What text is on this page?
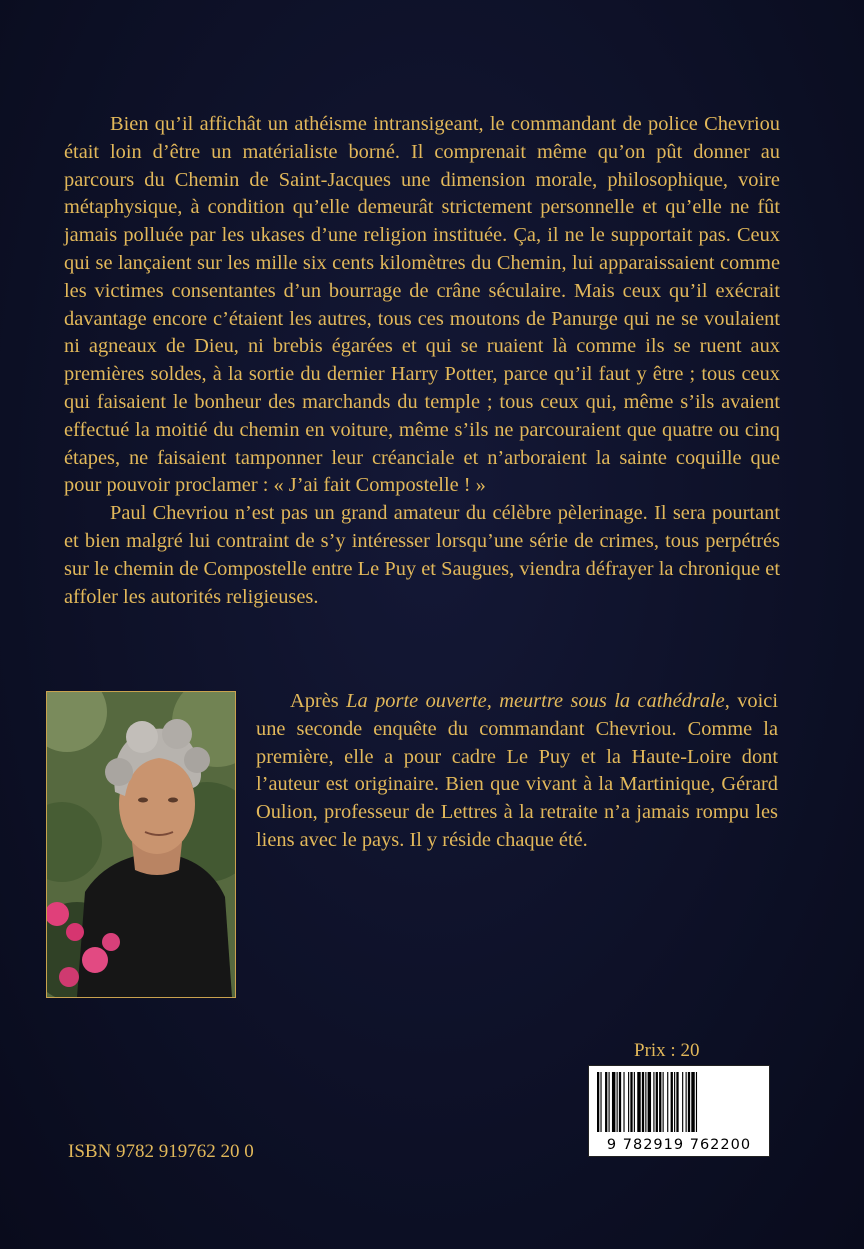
Bien qu’il affichât un athéisme intransigeant, le commandant de police Chevriou était loin d’être un matérialiste borné. Il comprenait même qu’on pût donner au parcours du Chemin de Saint-Jacques une dimension morale, philosophique, voire métaphysique, à condition qu’elle demeurât strictement personnelle et qu’elle ne fût jamais polluée par les ukases d’une religion instituée. Ça, il ne le supportait pas. Ceux qui se lançaient sur les mille six cents kilomètres du Chemin, lui apparaissaient comme les victimes consentantes d’un bourrage de crâne séculaire. Mais ceux qu’il exécrait davantage encore c’étaient les autres, tous ces moutons de Panurge qui ne se voulaient ni agneaux de Dieu, ni brebis égarées et qui se ruaient là comme ils se ruent aux premières soldes, à la sortie du dernier Harry Potter, parce qu’il faut y être ; tous ceux qui faisaient le bonheur des marchands du temple ; tous ceux qui, même s’ils avaient effectué la moitié du chemin en voiture, même s’ils ne parcouraient que quatre ou cinq étapes, ne faisaient tamponner leur créanciale et n’arboraient la sainte coquille que pour pouvoir proclamer : « J’ai fait Compostelle ! »

Paul Chevriou n’est pas un grand amateur du célèbre pèlerinage. Il sera pourtant et bien malgré lui contraint de s’y intéresser lorsqu’une série de crimes, tous perpétrés sur le chemin de Compostelle entre Le Puy et Saugues, viendra défrayer la chronique et affoler les autorités religieuses.

Après La porte ouverte, meurtre sous la cathédrale, voici une seconde enquête du commandant Chevriou. Comme la première, elle a pour cadre Le Puy et la Haute-Loire dont l’auteur est originaire. Bien que vivant à la Martinique, Gérard Oulion, professeur de Lettres à la retraite n’a jamais rompu les liens avec le pays. Il y réside chaque été.

Prix : 20
9 782919 762200
ISBN 9782 919762 20 0
